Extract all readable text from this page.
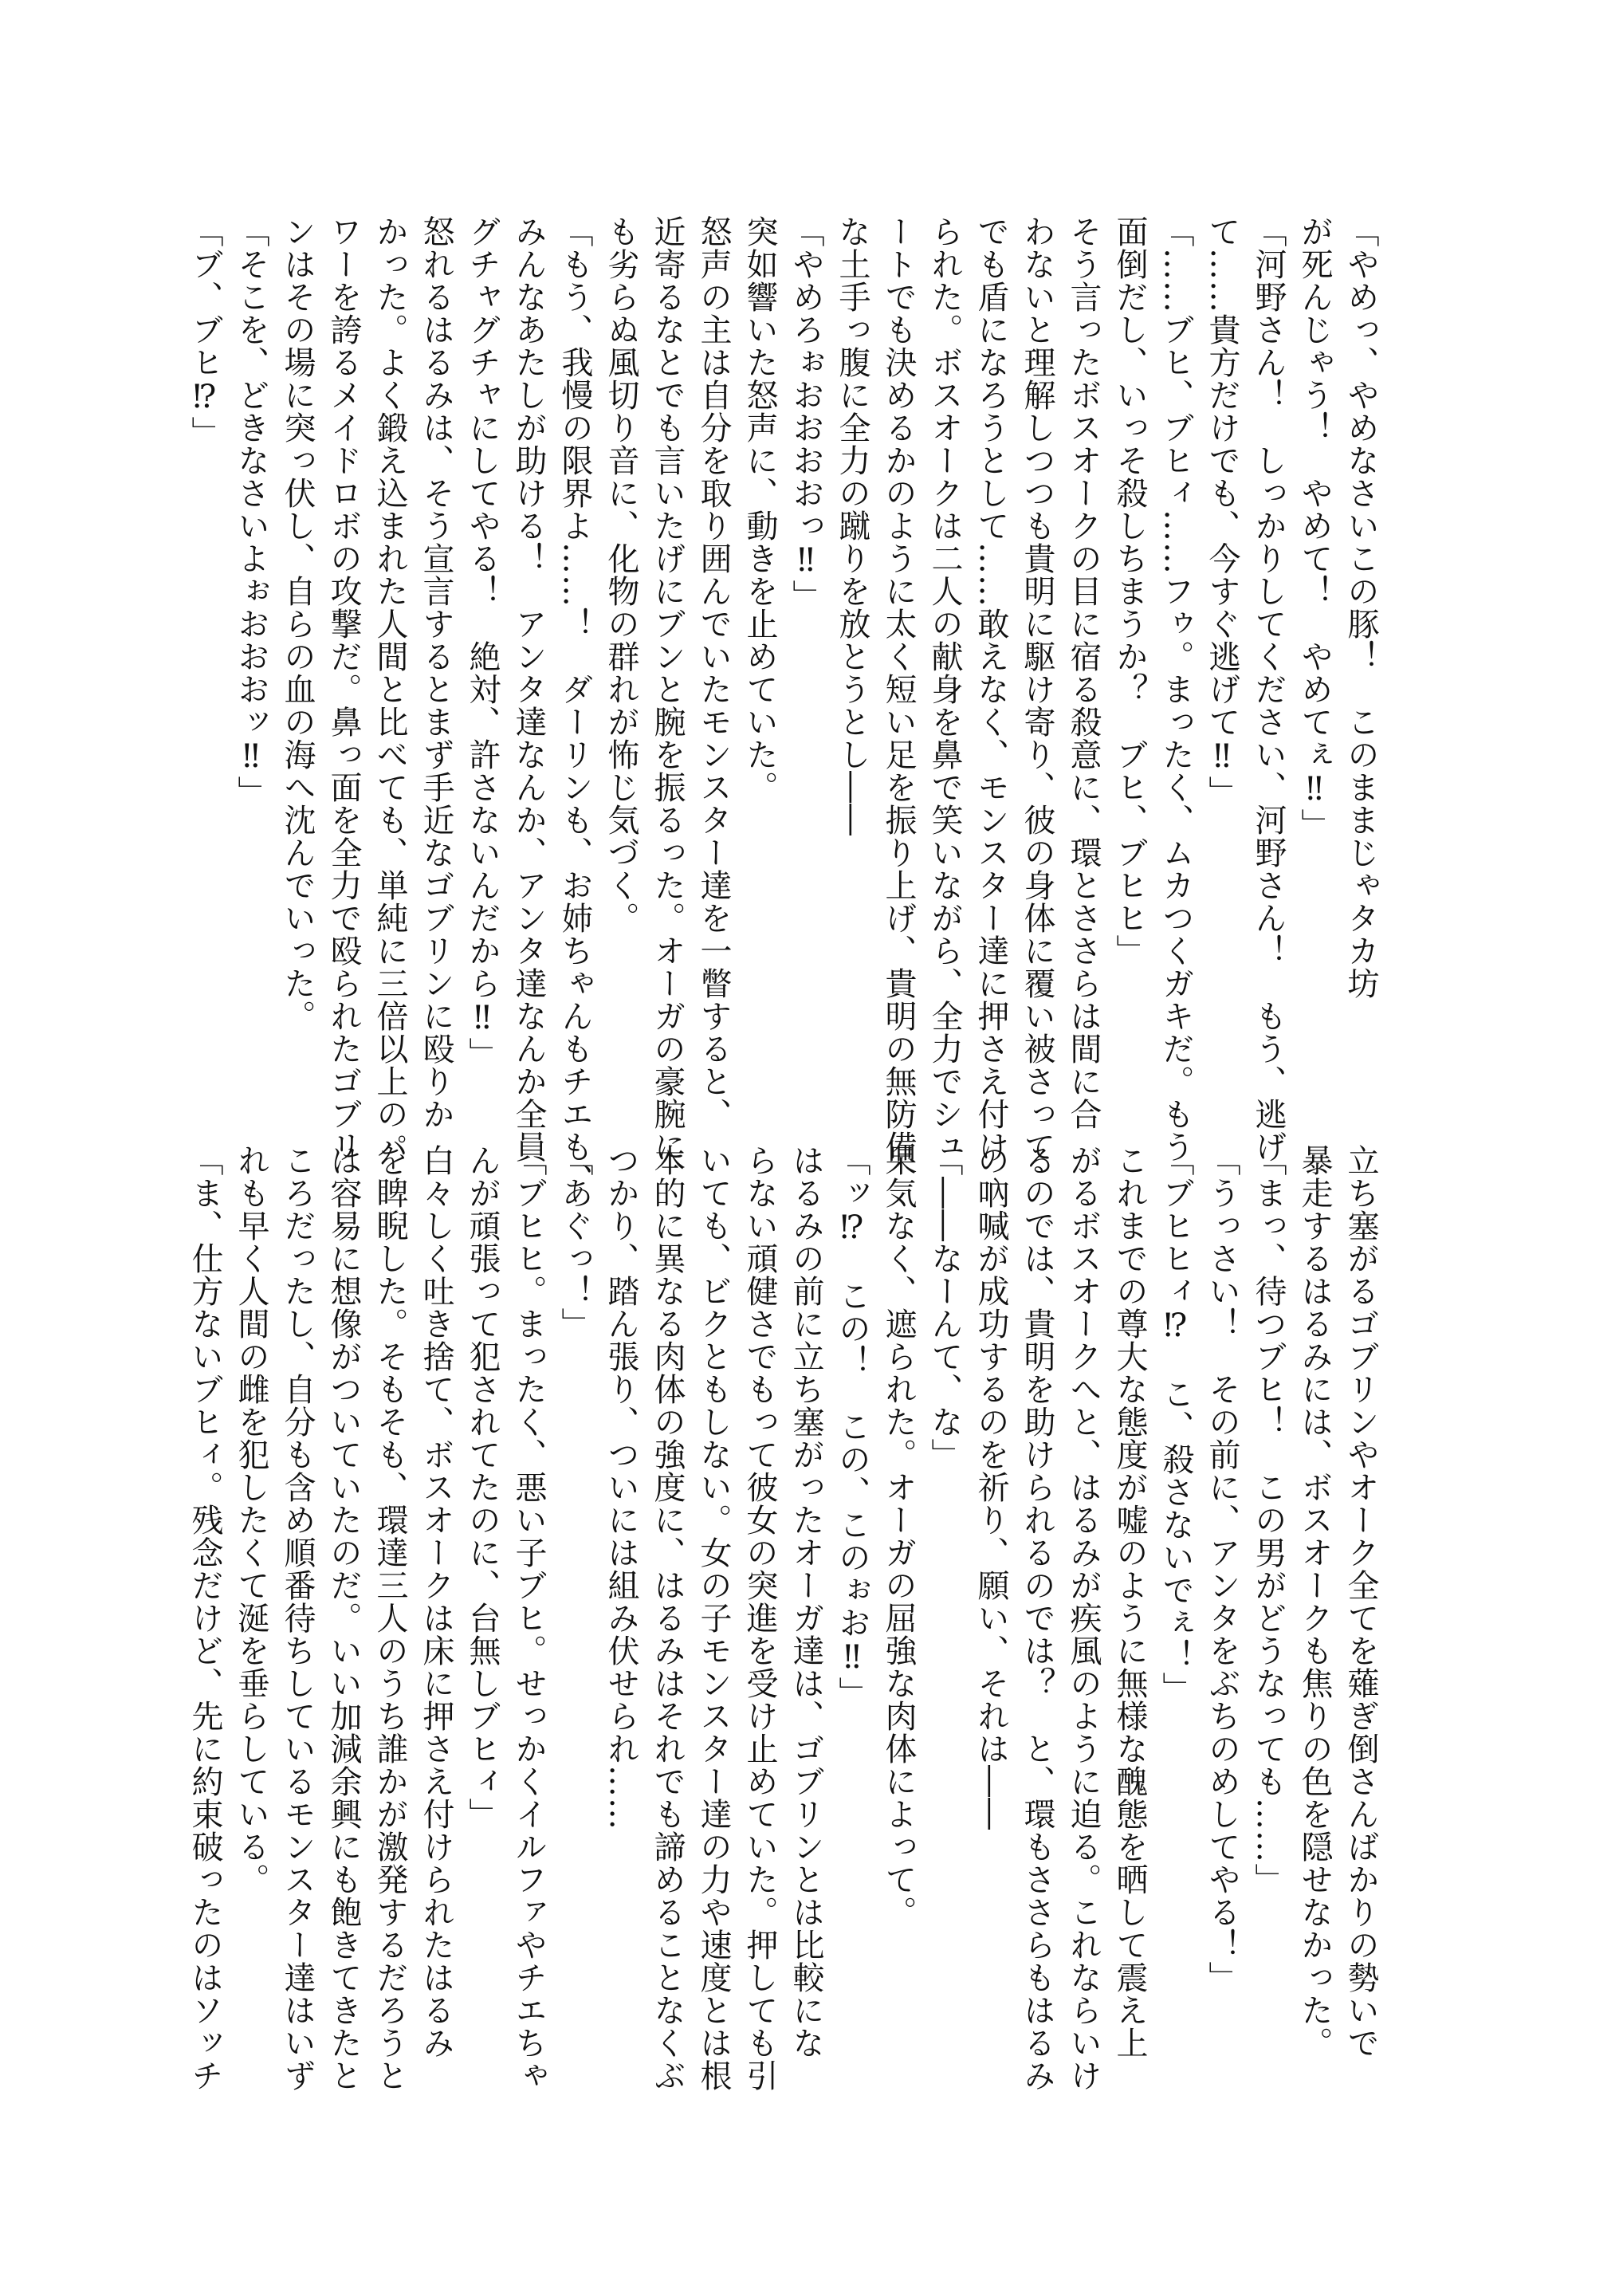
「やめっ、やめなさいこの豚！　このままじゃタカ坊
が死んじゃう！　やめて！　やめてぇ‼」
「河野さん！　しっかりしてください、河野さん！　もう、逃げ
て……貴方だけでも、今すぐ逃げて‼」
「……ブヒ、ブヒィ……フゥ。まったく、ムカつくガキだ。もう
面倒だし、いっそ殺しちまうか？　ブヒ、ブヒヒ」
そう言ったボスオークの目に宿る殺意に、環とささらは間に合
わないと理解しつつも貴明に駆け寄り、彼の身体に覆い被さって
でも盾になろうとして……敢えなく、モンスター達に押さえ付け
られた。ボスオークは二人の献身を鼻で笑いながら、全力でシュ
ートでも決めるかのように太く短い足を振り上げ、貴明の無防備
な土手っ腹に全力の蹴りを放とうとし――
「やめろぉおおおおっ‼」
突如響いた怒声に、動きを止めていた。
怒声の主は自分を取り囲んでいたモンスター達を一瞥すると、
近寄るなとでも言いたげにブンと腕を振るった。オーガの豪腕に
も劣らぬ風切り音に、化物の群れが怖じ気づく。
「もう、我慢の限界よ……！　ダーリンも、お姉ちゃんもチエも、
みんなあたしが助ける！　アンタ達なんか、アンタ達なんか全員
グチャグチャにしてやる！　絶対、許さないんだから‼」
怒れるはるみは、そう宣言するとまず手近なゴブリンに殴りか
かった。よく鍛え込まれた人間と比べても、単純に三倍以上のパ
ワーを誇るメイドロボの攻撃だ。鼻っ面を全力で殴られたゴブリ
ンはその場に突っ伏し、自らの血の海へ沈んでいった。
「そこを、どきなさいよぉおおおッ‼」
「ブ、ブヒ⁉」
立ち塞がるゴブリンやオーク全てを薙ぎ倒さんばかりの勢いで
暴走するはるみには、ボスオークも焦りの色を隠せなかった。
「まっ、待つブヒ！　この男がどうなっても……」
「うっさい！　その前に、アンタをぶちのめしてやる！」
「ブヒヒィ⁉　こ、殺さないでぇ！」
これまでの尊大な態度が嘘のように無様な醜態を晒して震え上
がるボスオークへと、はるみが疾風のように迫る。これならいけ
るのでは、貴明を助けられるのでは？　と、環もささらもはるみ
の吶喊が成功するのを祈り、願い、それは――
「――なーんて、な」
呆気なく、遮られた。オーガの屈強な肉体によって。
「ッ⁉　この！　この、このぉお‼」
はるみの前に立ち塞がったオーガ達は、ゴブリンとは比較にな
らない頑健さでもって彼女の突進を受け止めていた。押しても引
いても、ビクともしない。女の子モンスター達の力や速度とは根
本的に異なる肉体の強度に、はるみはそれでも諦めることなくぶ
つかり、踏ん張り、ついには組み伏せられ……
「あぐっ！」
「ブヒヒ。まったく、悪い子ブヒ。せっかくイルファやチエちゃ
んが頑張って犯されてたのに、台無しブヒィ」
白々しく吐き捨て、ボスオークは床に押さえ付けられたはるみ
を睥睨した。そもそも、環達三人のうち誰かが激発するだろうと
は容易に想像がついていたのだ。いい加減余興にも飽きてきたと
ころだったし、自分も含め順番待ちしているモンスター達はいず
れも早く人間の雌を犯したくて涎を垂らしている。
「ま、仕方ないブヒィ。残念だけど、先に約束破ったのはソッチ
